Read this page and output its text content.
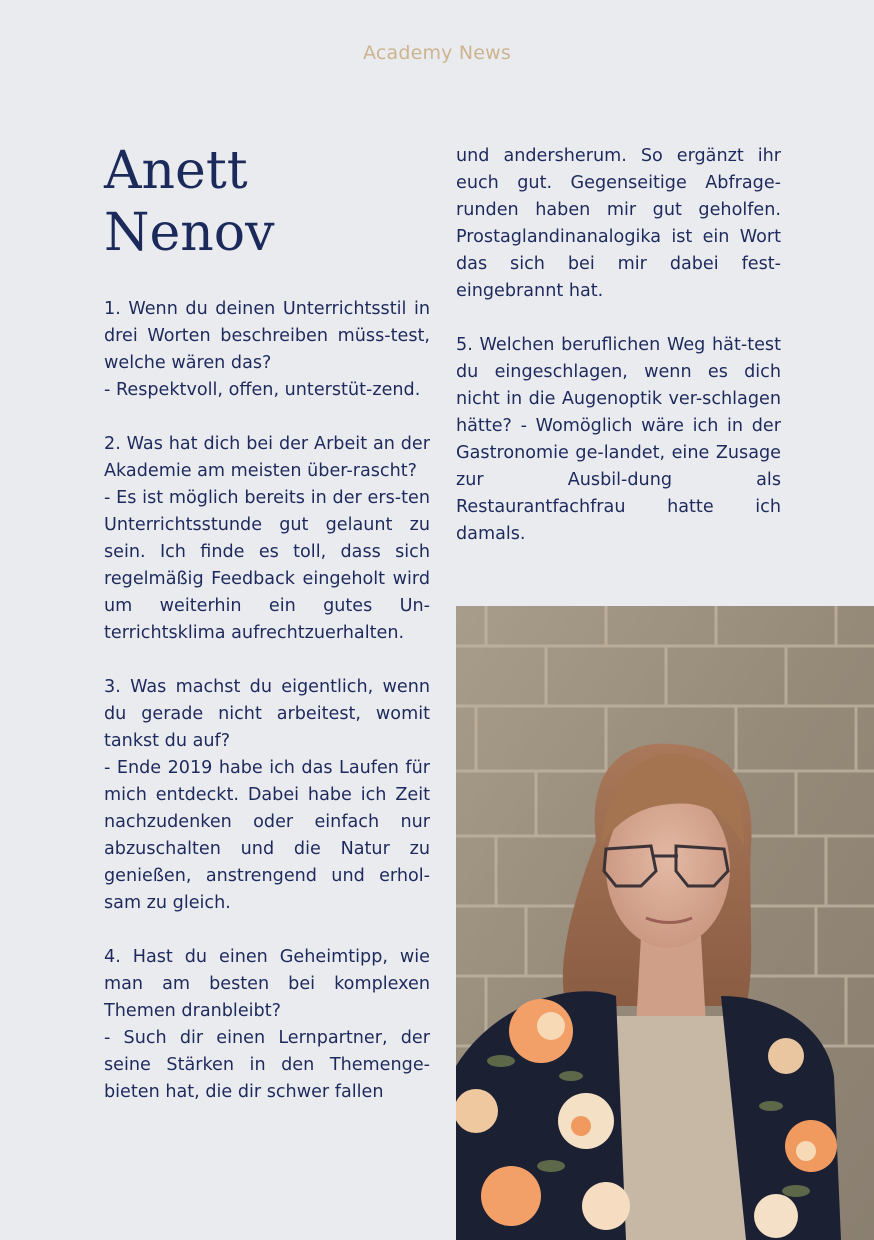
Academy News
Anett
Nenov

1. Wenn du deinen Unterrichtsstil in drei Worten beschreiben müss-test, welche wären das?
- Respektvoll, offen, unterstüt-zend.

2. Was hat dich bei der Arbeit an der Akademie am meisten über-rascht?
- Es ist möglich bereits in der ers-ten Unterrichtsstunde gut gelaunt zu sein. Ich finde es toll, dass sich regelmäßig Feedback eingeholt wird um weiterhin ein gutes Un-terrichtsklima aufrechtzuerhalten.

3. Was machst du eigentlich, wenn du gerade nicht arbeitest, womit tankst du auf?
- Ende 2019 habe ich das Laufen für mich entdeckt. Dabei habe ich Zeit nachzudenken oder einfach nur abzuschalten und die Natur zu genießen, anstrengend und erhol-sam zu gleich.

4. Hast du einen Geheimtipp, wie man am besten bei komplexen Themen dranbleibt?
- Such dir einen Lernpartner, der seine Stärken in den Themenge-bieten hat, die dir schwer fallen

und andersherum. So ergänzt ihr euch gut. Gegenseitige Abfrage-runden haben mir gut geholfen. Prostaglandinanalogika ist ein Wort das sich bei mir dabei fest-eingebrannt hat.

5. Welchen beruflichen Weg hät-test du eingeschlagen, wenn es dich nicht in die Augenoptik ver-schlagen hätte? - Womöglich wäre ich in der Gastronomie ge-landet, eine Zusage zur Ausbil-dung als Restaurantfachfrau hatte ich damals.
